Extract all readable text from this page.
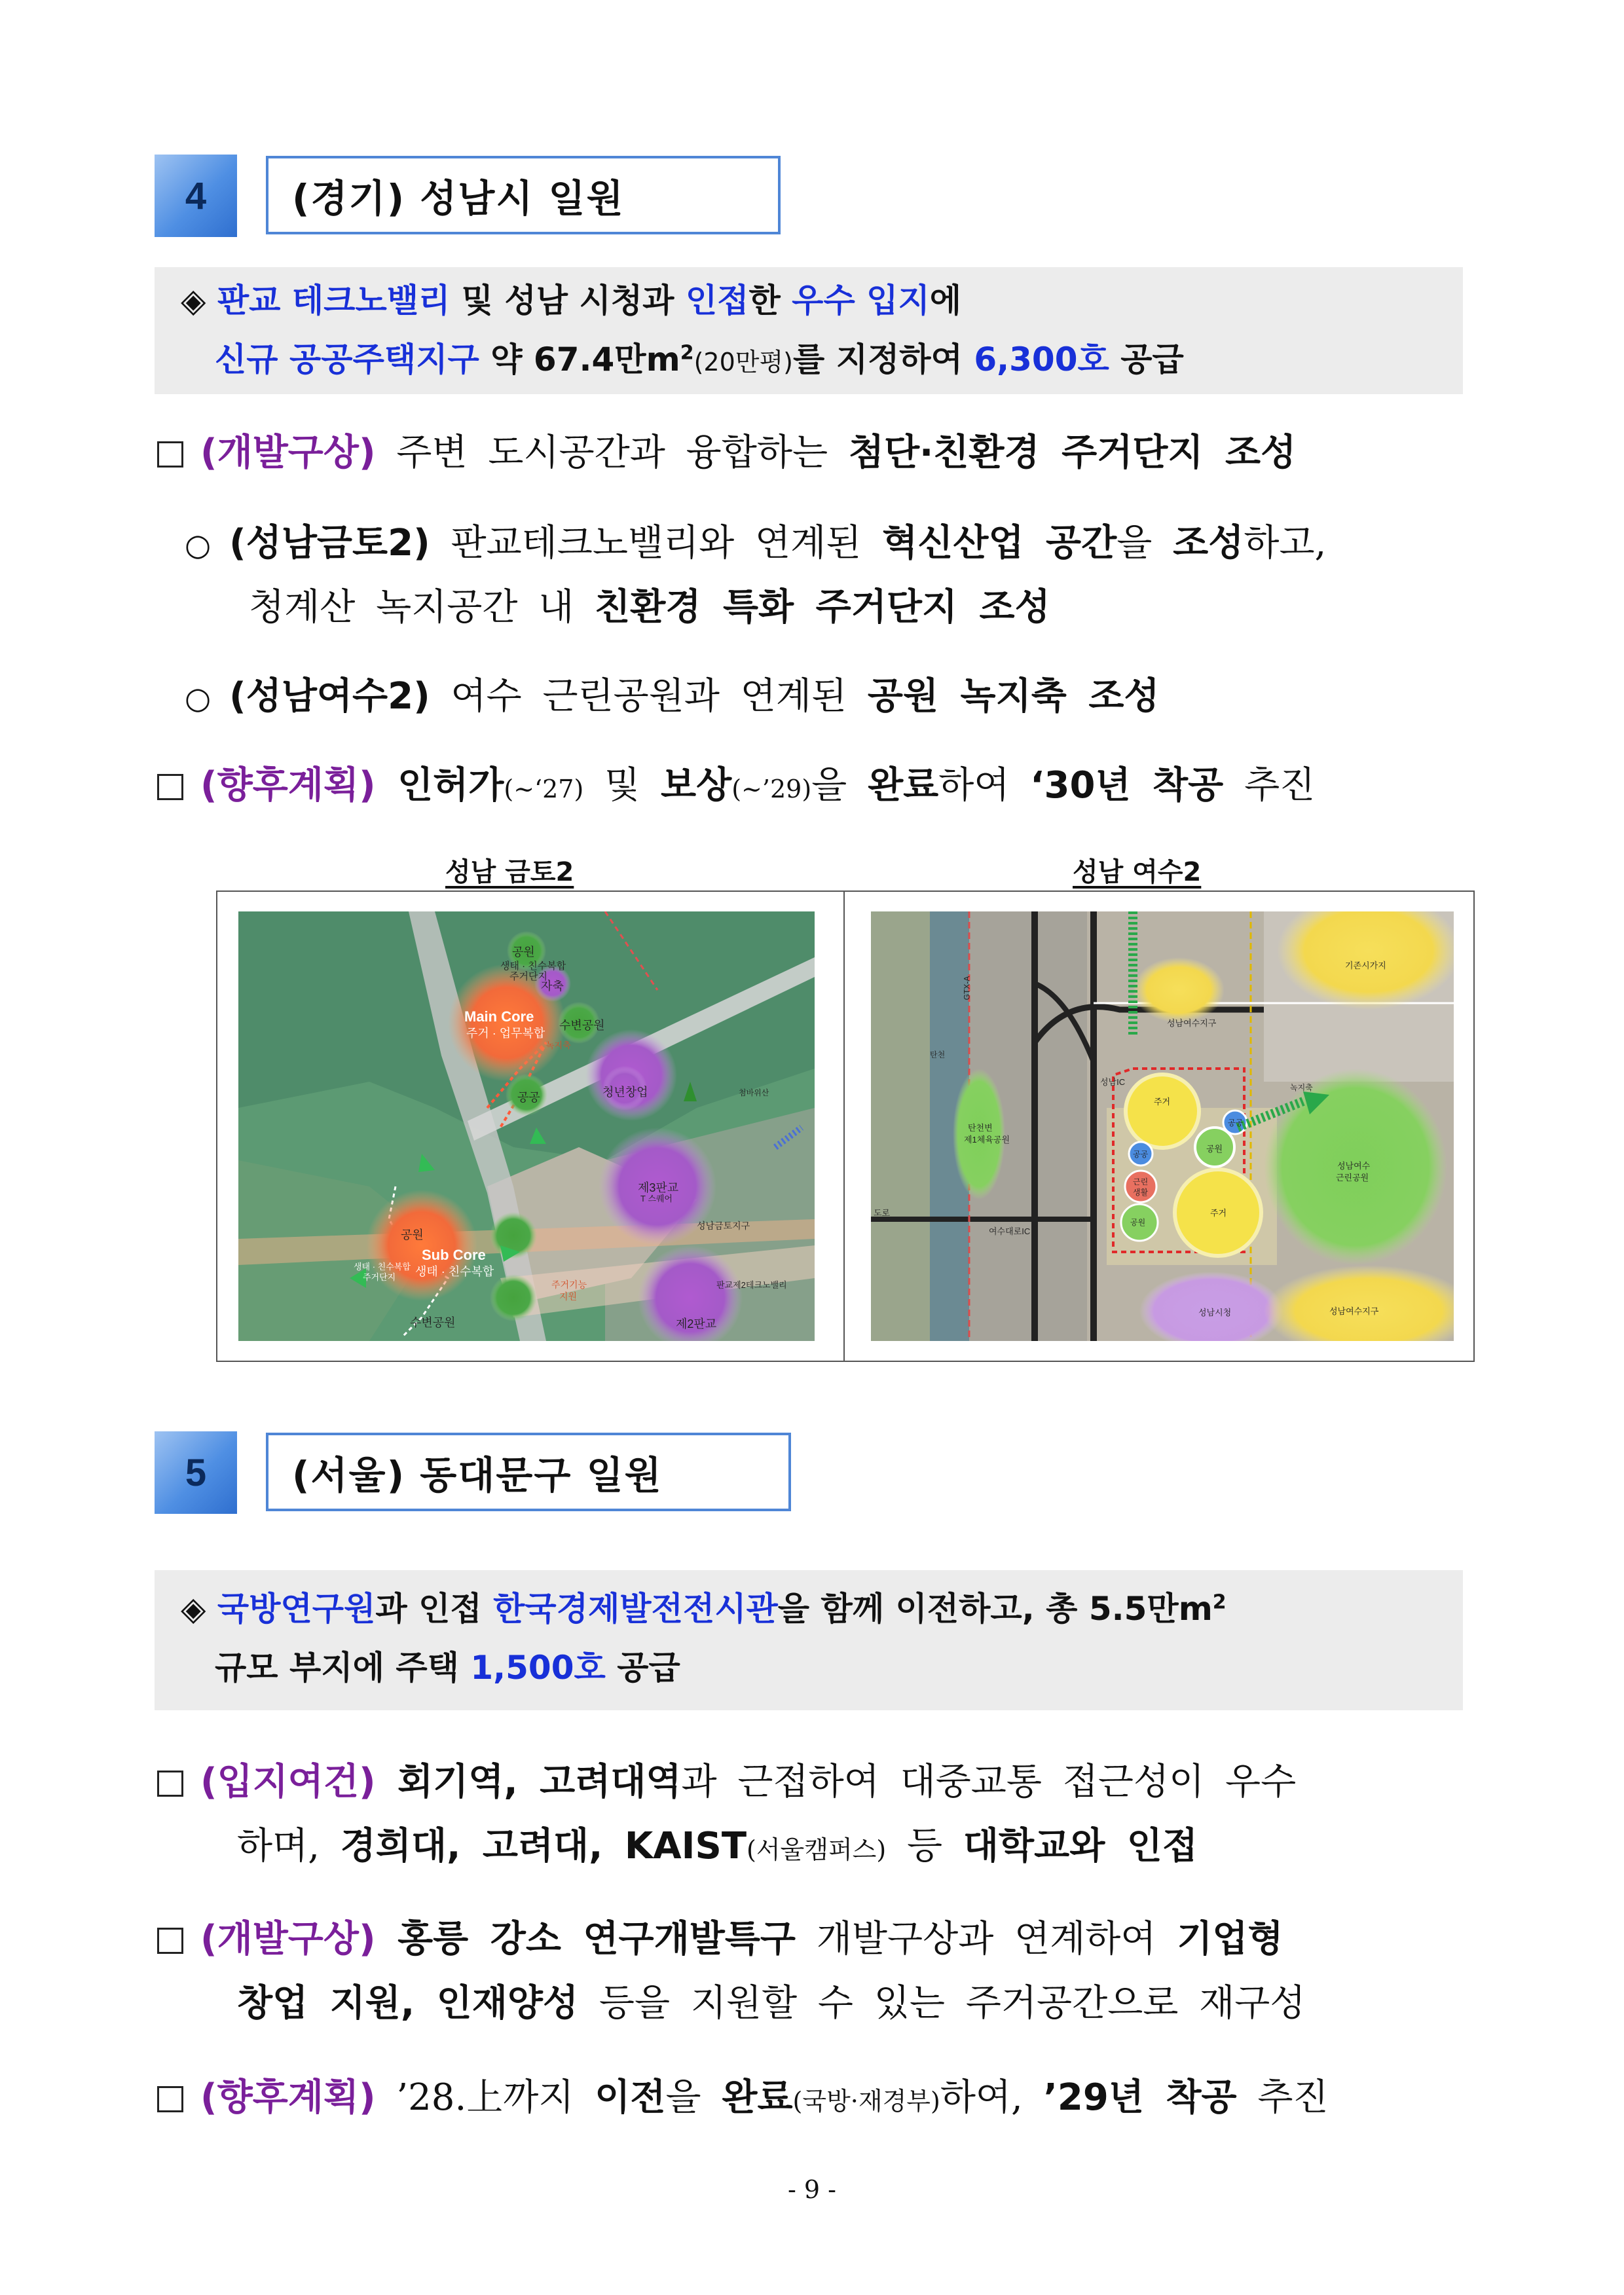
4	(경기) 성남시 일원
◈ 판교 테크노밸리 및 성남 시청과 인접한 우수 입지에
신규 공공주택지구 약 67.4만$m^2(20$만평)를 지정하여 6,300호 공급
(개발구상) 주변 도시공간과 융합하는 첨단·친환경 주거단지 조성
○ (성남금토2) 판교테크노밸리와 연계된 혁신산업 공간을 조성하고,
청계산 녹지공간 내 친환경 특화 주거단지 조성
○ (성남여수2) 여수 근린공원과 연계된 공원 녹지축 조성
(향후계획) 인허가(~‘27) 및 보상(~’29)을 완료하여 ‘30년 착공 추진
성남 금토2	성남 여수2
공원
생태 · 친수복합
주거단지
자축
Main Core
주거 · 업무복합
수변공원
공공	청년창업	첨바위산
제3판교
T 스퀘어
성남금토지구
공원
Sub Core
생태 · 친수복합
생태 · 친수복합
주거단지
주거기능
지원
판교제2테크노밸리
제2판교
수변공원
녹지축
기존시가지
성남여수지구
성남IC
주거
공공
공공
공원
근린
생활
공원
주거
녹지축
성남여수
근린공원
탄천변
제1체육공원
여수대로IC
도로
성남시청	성남여수지구
GTX-A
탄천
5	(서울) 동대문구 일원
◈ 국방연구원과 인접 한국경제발전전시관을 함께 이전하고, 총 5.5만$m^2$
규모 부지에 주택 1,500호 공급
(입지여건) 회기역, 고려대역과 근접하여 대중교통 접근성이 우수
하며, 경희대, 고려대, KAIST(서울캠퍼스) 등 대학교와 인접
(개발구상) 홍릉 강소 연구개발특구 개발구상과 연계하여 기업형
창업 지원, 인재양성 등을 지원할 수 있는 주거공간으로 재구성
(향후계획) ’28.上까지 이전을 완료(국방·재경부)하여, ’29년 착공 추진
- 9 -
